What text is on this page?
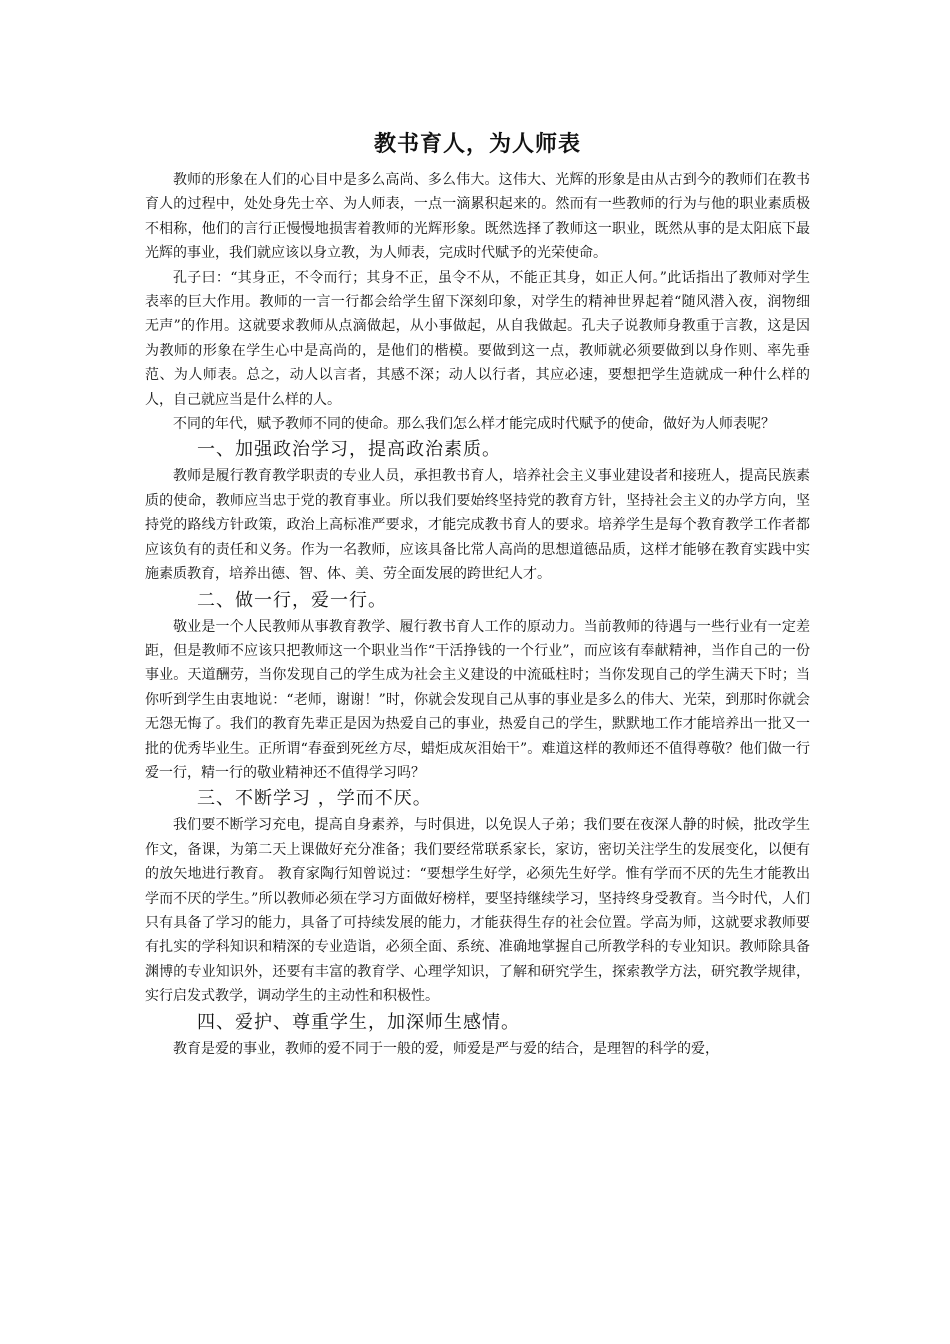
教书育人，为人师表

教师的形象在人们的心目中是多么高尚、多么伟大。这伟大、光辉的形象是由从古到今的教师们在教书育人的过程中，处处身先士卒、为人师表，一点一滴累积起来的。然而有一些教师的行为与他的职业素质极不相称，他们的言行正慢慢地损害着教师的光辉形象。既然选择了教师这一职业，既然从事的是太阳底下最光辉的事业，我们就应该以身立教，为人师表，完成时代赋予的光荣使命。

孔子曰：“其身正，不令而行；其身不正，虽令不从，不能正其身，如正人何。”此话指出了教师对学生表率的巨大作用。教师的一言一行都会给学生留下深刻印象，对学生的精神世界起着“随风潜入夜，润物细无声”的作用。这就要求教师从点滴做起，从小事做起，从自我做起。孔夫子说教师身教重于言教，这是因为教师的形象在学生心中是高尚的，是他们的楷模。要做到这一点，教师就必须要做到以身作则、率先垂范、为人师表。总之，动人以言者，其感不深；动人以行者，其应必速，要想把学生造就成一种什么样的人，自己就应当是什么样的人。

不同的年代，赋予教师不同的使命。那么我们怎么样才能完成时代赋予的使命，做好为人师表呢？

一、加强政治学习，提高政治素质。

教师是履行教育教学职责的专业人员，承担教书育人，培养社会主义事业建设者和接班人，提高民族素质的使命，教师应当忠于党的教育事业。所以我们要始终坚持党的教育方针，坚持社会主义的办学方向，坚持党的路线方针政策，政治上高标准严要求，才能完成教书育人的要求。培养学生是每个教育教学工作者都应该负有的责任和义务。作为一名教师，应该具备比常人高尚的思想道德品质，这样才能够在教育实践中实施素质教育，培养出德、智、体、美、劳全面发展的跨世纪人才。

二、做一行，爱一行。

敬业是一个人民教师从事教育教学、履行教书育人工作的原动力。当前教师的待遇与一些行业有一定差距，但是教师不应该只把教师这一个职业当作“干活挣钱的一个行业”，而应该有奉献精神，当作自己的一份事业。天道酬劳，当你发现自己的学生成为社会主义建设的中流砥柱时；当你发现自己的学生满天下时；当你听到学生由衷地说：“老师，谢谢！”时，你就会发现自己从事的事业是多么的伟大、光荣，到那时你就会无怨无悔了。我们的教育先辈正是因为热爱自己的事业，热爱自己的学生，默默地工作才能培养出一批又一批的优秀毕业生。正所谓“春蚕到死丝方尽，蜡炬成灰泪始干”。难道这样的教师还不值得尊敬？他们做一行爱一行，精一行的敬业精神还不值得学习吗？

三、不断学习 ，学而不厌。

我们要不断学习充电，提高自身素养，与时俱进，以免误人子弟；我们要在夜深人静的时候，批改学生作文，备课，为第二天上课做好充分准备；我们要经常联系家长，家访，密切关注学生的发展变化，以便有的放矢地进行教育。 教育家陶行知曾说过：“要想学生好学，必须先生好学。惟有学而不厌的先生才能教出学而不厌的学生。”所以教师必须在学习方面做好榜样，要坚持继续学习，坚持终身受教育。当今时代，人们只有具备了学习的能力，具备了可持续发展的能力，才能获得生存的社会位置。学高为师，这就要求教师要有扎实的学科知识和精深的专业造诣，必须全面、系统、准确地掌握自己所教学科的专业知识。教师除具备渊博的专业知识外，还要有丰富的教育学、心理学知识，了解和研究学生，探索教学方法，研究教学规律，实行启发式教学，调动学生的主动性和积极性。

四、爱护、尊重学生，加深师生感情。

教育是爱的事业，教师的爱不同于一般的爱，师爱是严与爱的结合，是理智的科学的爱，
